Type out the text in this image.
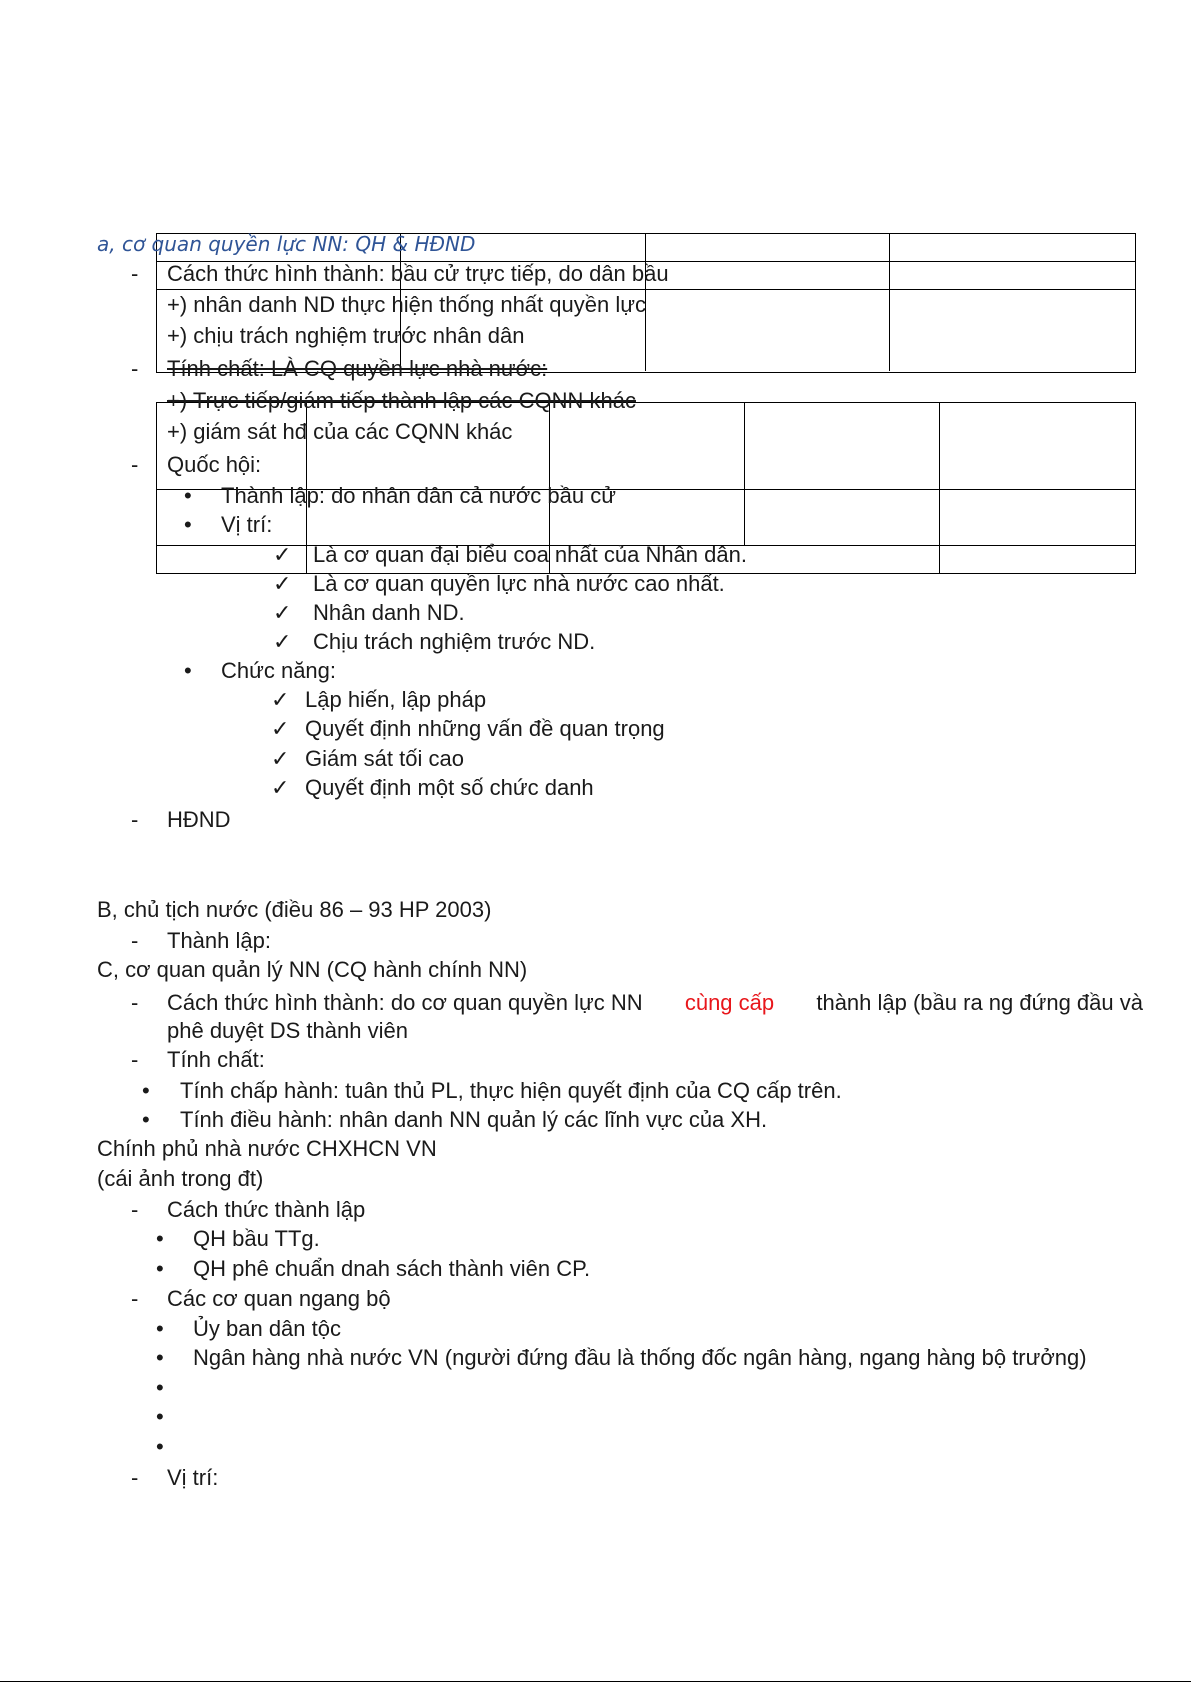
a, cơ quan quyền lực NN: QH & HĐND
- Cách thức hình thành: bầu cử trực tiếp, do dân bầu
+) nhân danh ND thực hiện thống nhất quyền lực
+) chịu trách nghiệm trước nhân dân
- Tính chất: LÀ CQ quyền lực nhà nước:
+) Trực tiếp/giám tiếp thành lập các CQNN khác
+) giám sát hđ của các CQNN khác
- Quốc hội:
• Thành lập: do nhân dân cả nước bầu cử
• Vị trí:
✓ Là cơ quan đại biểu coa nhất của Nhân dân.
✓ Là cơ quan quyền lực nhà nước cao nhất.
✓ Nhân danh ND.
✓ Chịu trách nghiệm trước ND.
• Chức năng:
✓ Lập hiến, lập pháp
✓ Quyết định những vấn đề quan trọng
✓ Giám sát tối cao
✓ Quyết định một số chức danh
- HĐND
B, chủ tịch nước (điều 86 – 93 HP 2003)
- Thành lập:
C, cơ quan quản lý NN (CQ hành chính NN)
- Cách thức hình thành: do cơ quan quyền lực NN cùng cấp thành lập (bầu ra ng đứng đầu và
phê duyệt DS thành viên
- Tính chất:
• Tính chấp hành: tuân thủ PL, thực hiện quyết định của CQ cấp trên.
• Tính điều hành: nhân danh NN quản lý các lĩnh vực của XH.
Chính phủ nhà nước CHXHCN VN
(cái ảnh trong đt)
- Cách thức thành lập
• QH bầu TTg.
• QH phê chuẩn dnah sách thành viên CP.
- Các cơ quan ngang bộ
• Ủy ban dân tộc
• Ngân hàng nhà nước VN (người đứng đầu là thống đốc ngân hàng, ngang hàng bộ trưởng)
•
•
•
- Vị trí:
